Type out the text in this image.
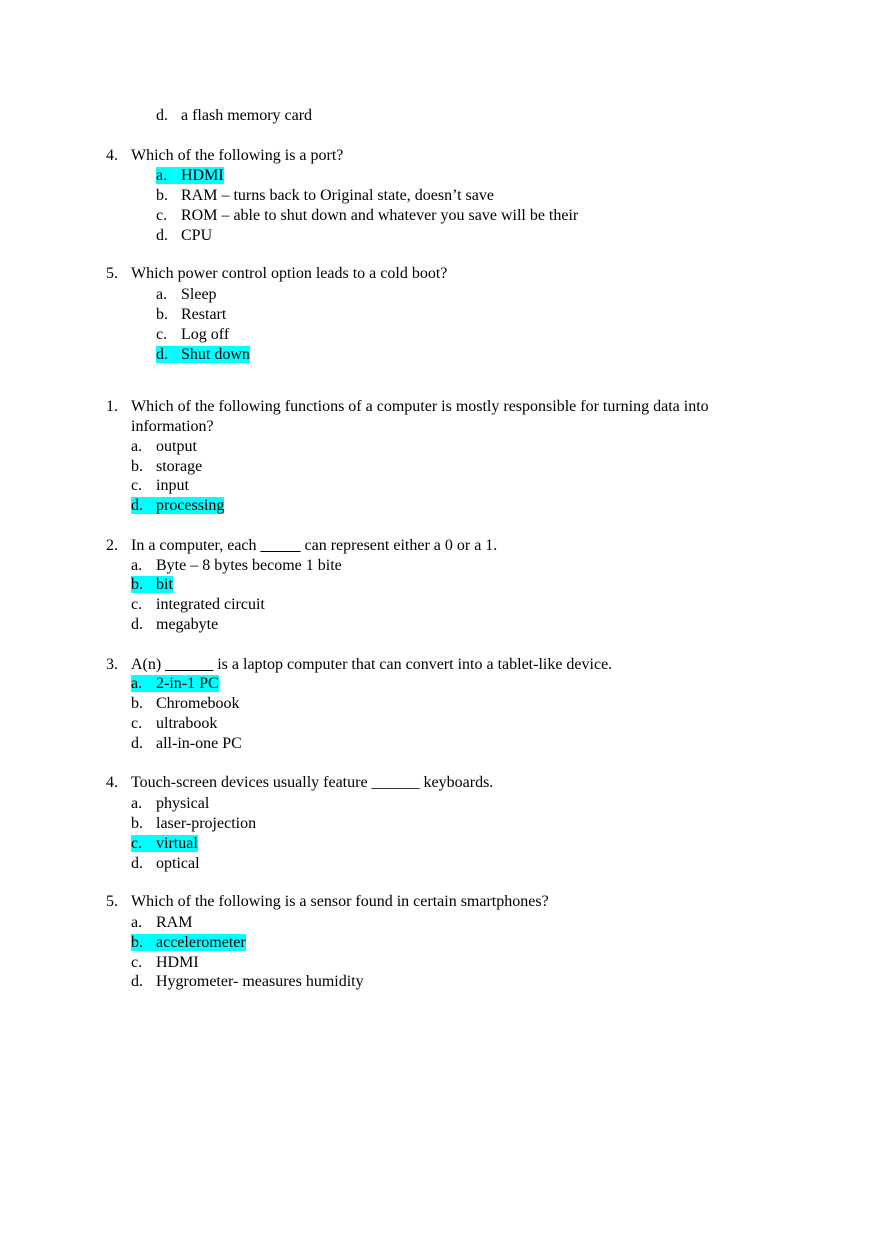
d. a flash memory card
4. Which of the following is a port?
a. HDMI
b. RAM – turns back to Original state, doesn’t save
c. ROM – able to shut down and whatever you save will be their
d. CPU
5. Which power control option leads to a cold boot?
a. Sleep
b. Restart
c. Log off
d. Shut down
1. Which of the following functions of a computer is mostly responsible for turning data into
information?
a. output
b. storage
c. input
d. processing
2. In a computer, each _____ can represent either a 0 or a 1.
a. Byte – 8 bytes become 1 bite
b. bit
c. integrated circuit
d. megabyte
3. A(n) ______ is a laptop computer that can convert into a tablet-like device.
a. 2-in-1 PC
b. Chromebook
c. ultrabook
d. all-in-one PC
4. Touch-screen devices usually feature ______ keyboards.
a. physical
b. laser-projection
c. virtual
d. optical
5. Which of the following is a sensor found in certain smartphones?
a. RAM
b. accelerometer
c. HDMI
d. Hygrometer- measures humidity
